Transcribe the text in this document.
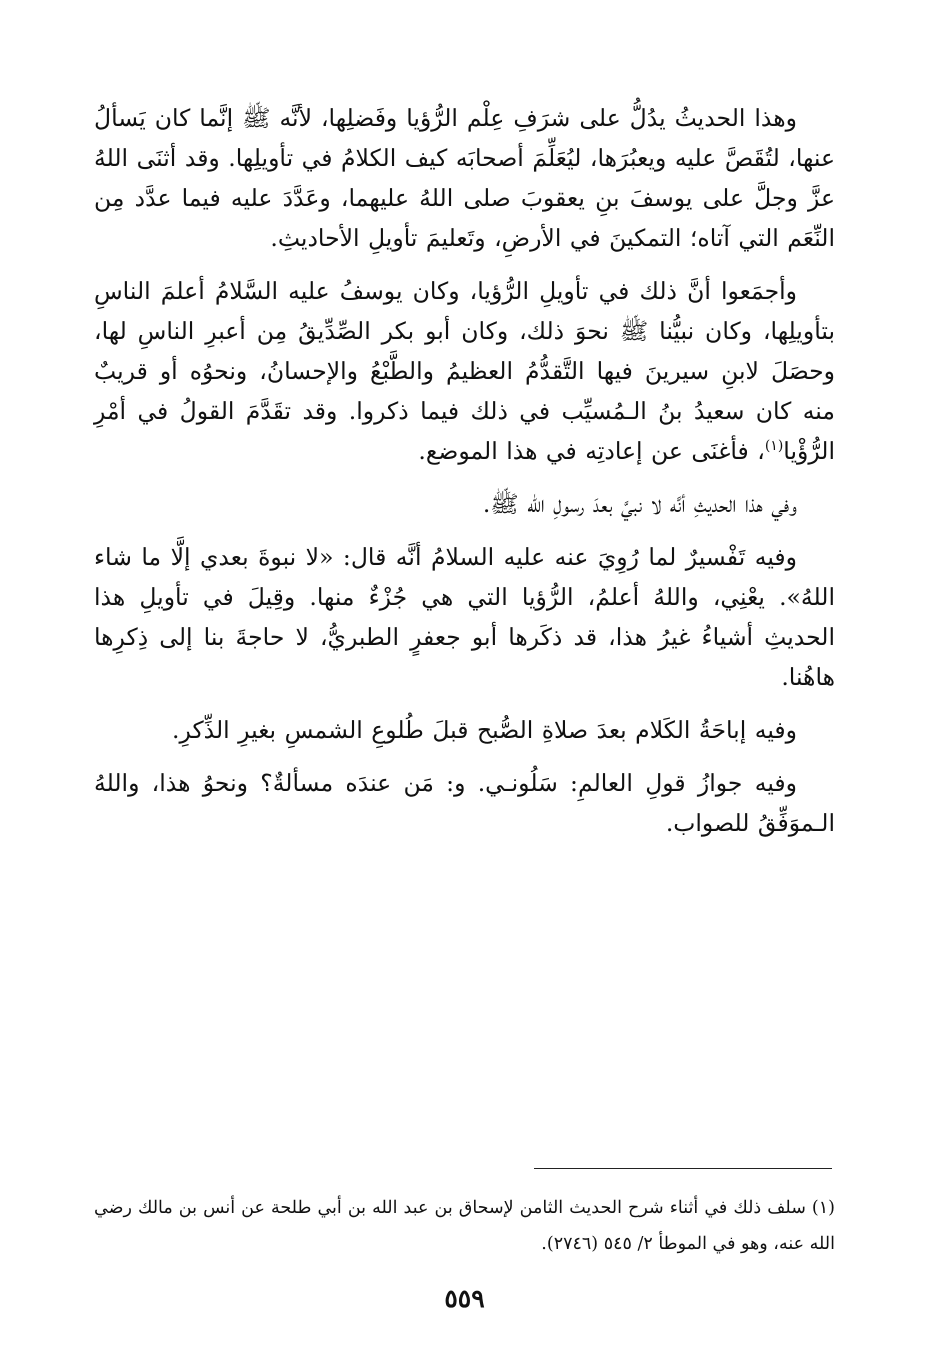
وهذا الحديثُ يدُلُّ على شرَفِ عِلْم الرُّؤيا وفَضلِها، لأنَّه ﷺ إنَّما كان يَسألُ عنها، لتُقَصَّ عليه ويعبُرَها، ليُعَلِّمَ أصحابَه كيف الكلامُ في تأويلِها. وقد أثنَى اللهُ عزَّ وجلَّ على يوسفَ بنِ يعقوبَ صلى اللهُ عليهما، وعَدَّدَ عليه فيما عدَّد مِن النِّعَم التي آتاه؛ التمكينَ في الأرضِ، وتَعليمَ تأويلِ الأحاديثِ.

وأجمَعوا أنَّ ذلك في تأويلِ الرُّؤيا، وكان يوسفُ عليه السَّلامُ أعلمَ الناسِ بتأويلِها، وكان نبيُّنا ﷺ نحوَ ذلك، وكان أبو بكر الصِّدِّيقُ مِن أعبرِ الناسِ لها، وحصَلَ لابنِ سيرينَ فيها التَّقدُّمُ العظيمُ والطَّبْعُ والإحسانُ، ونحوُه أو قريبٌ منه كان سعيدُ بنُ الـمُسيِّب في ذلك فيما ذكروا. وقد تقَدَّمَ القولُ في أمْرِ الرُّؤْيا$^{(١)}$، فأغنَى عن إعادتِه في هذا الموضع.

وفي هذا الحديثِ أنَّه لا نبيَّ بعدَ رسولِ الله ﷺ.

وفيه تَفْسيرٌ لما رُوِيَ عنه عليه السلامُ أنَّه قال: «لا نبوةَ بعدي إلَّا ما شاء اللهُ». يعْنِي، واللهُ أعلمُ، الرُّؤيا التي هي جُزْءٌ منها. وقِيلَ في تأويلِ هذا الحديثِ أشياءُ غيرُ هذا، قد ذكَرها أبو جعفرٍ الطبريُّ، لا حاجةَ بنا إلى ذِكرِها هاهُنا.

وفيه إباحَةُ الكَلام بعدَ صلاةِ الصُّبح قبلَ طُلوعِ الشمسِ بغيرِ الذِّكرِ.

وفيه جوازُ قولِ العالمِ: سَلُونـي. و: مَن عندَه مسألةٌ؟ ونحوُ هذا، واللهُ الـموَفِّقُ للصواب.

(١) سلف ذلك في أثناء شرح الحديث الثامن لإسحاق بن عبد الله بن أبي طلحة عن أنس بن مالك رضي الله عنه، وهو في الموطأ ٢/ ٥٤٥ (٢٧٤٦).

٥٥٩
